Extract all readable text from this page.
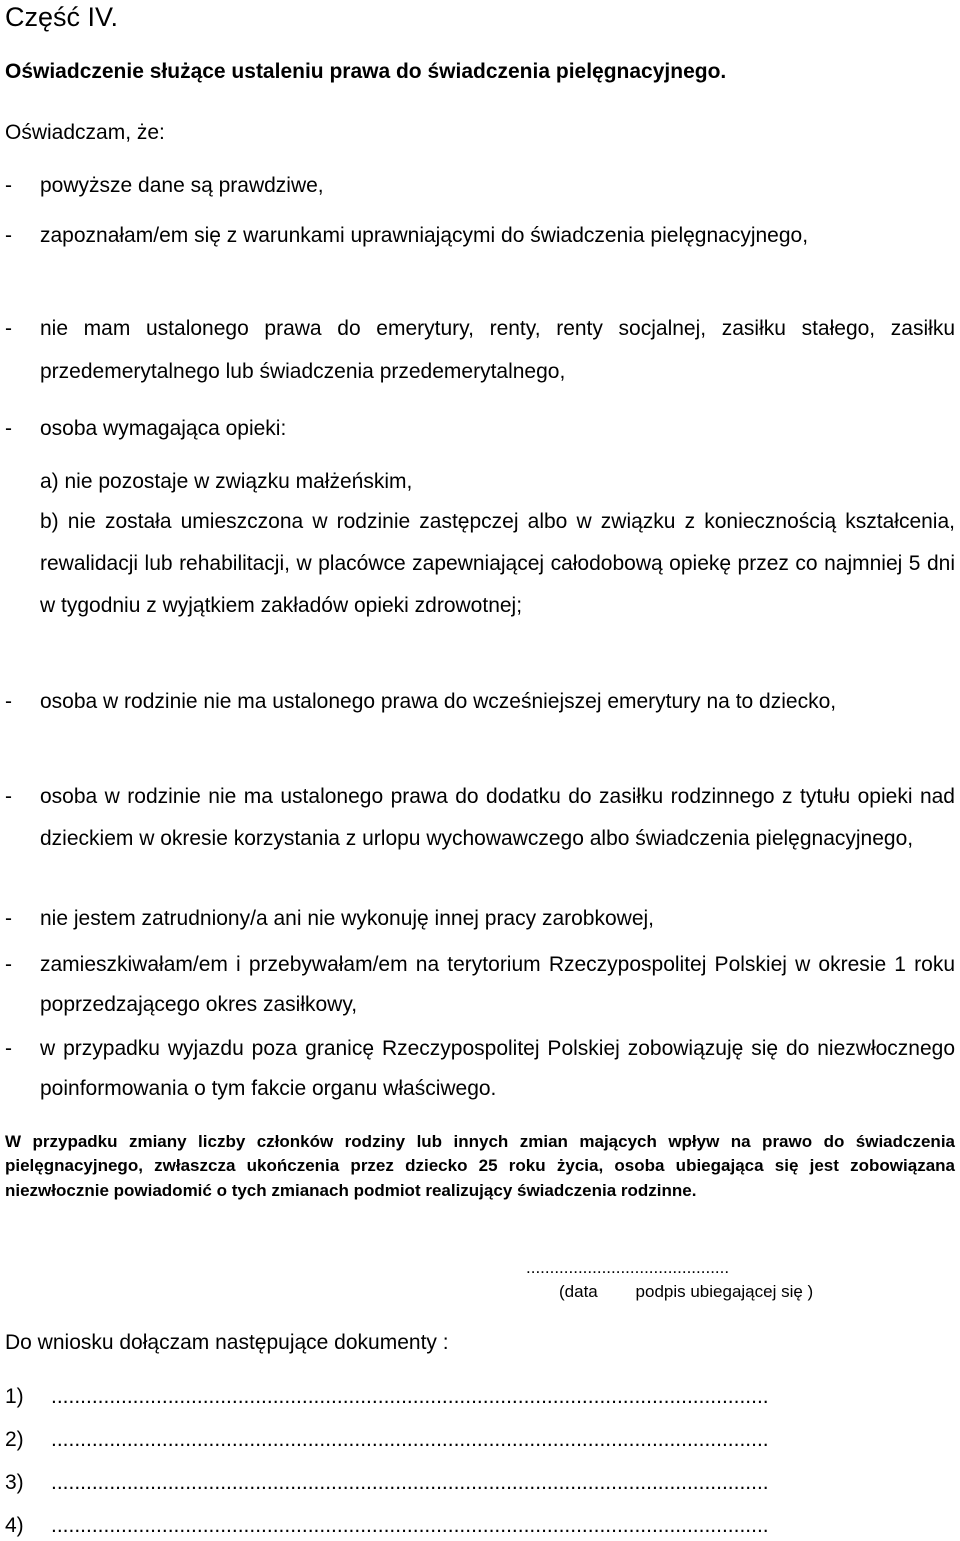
Część IV.
Oświadczenie służące ustaleniu prawa do świadczenia pielęgnacyjnego.
Oświadczam, że:
- powyższe dane są prawdziwe,
-	zapoznałam/em się z warunkami uprawniającymi do świadczenia pielęgnacyjnego,
- nie mam ustalonego prawa do emerytury, renty, renty socjalnej, zasiłku stałego, zasiłku przedemerytalnego lub świadczenia przedemerytalnego,
- osoba wymagająca opieki:
a) nie pozostaje w związku małżeńskim,
b) nie została umieszczona w rodzinie zastępczej albo w związku z koniecznością kształcenia, rewalidacji lub rehabilitacji, w placówce zapewniającej całodobową opiekę przez co najmniej 5 dni w tygodniu z wyjątkiem zakładów opieki zdrowotnej;
- osoba w rodzinie nie ma ustalonego prawa do wcześniejszej emerytury na to dziecko,
- osoba w rodzinie nie ma ustalonego prawa do dodatku do zasiłku rodzinnego z tytułu opieki nad dzieckiem w okresie korzystania z urlopu wychowawczego albo świadczenia pielęgnacyjnego,
- nie jestem zatrudniony/a ani nie wykonuję innej pracy zarobkowej,
- zamieszkiwałam/em i przebywałam/em na terytorium Rzeczypospolitej Polskiej w okresie 1 roku poprzedzającego okres zasiłkowy,
- w przypadku wyjazdu poza granicę Rzeczypospolitej Polskiej zobowiązuję się do niezwłocznego poinformowania o tym fakcie organu właściwego.
W przypadku zmiany liczby członków rodziny lub innych zmian mających wpływ na prawo do świadczenia pielęgnacyjnego, zwłaszcza ukończenia przez dziecko 25 roku życia, osoba ubiegająca się jest zobowiązana niezwłocznie powiadomić o tych zmianach podmiot realizujący świadczenia rodzinne.
...........................................
(data        podpis ubiegającej się )
Do wniosku dołączam następujące dokumenty :
1) ...........................................................................................................................
2) ...........................................................................................................................
3) ...........................................................................................................................
4) ...........................................................................................................................
